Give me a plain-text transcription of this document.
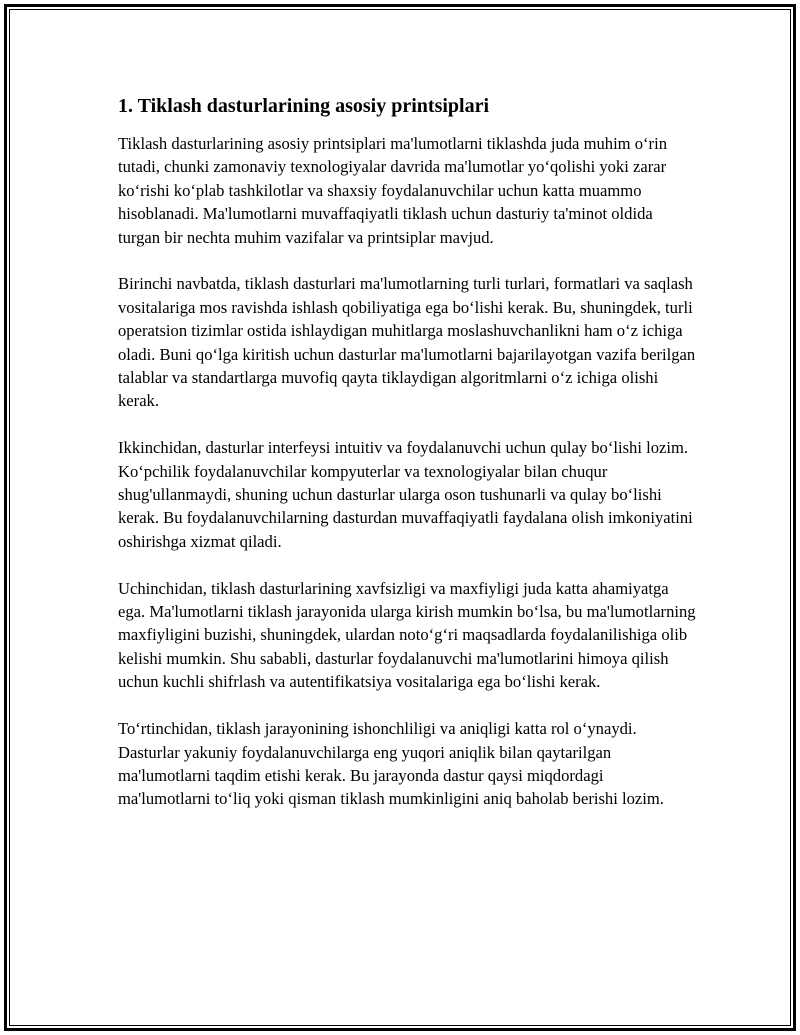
1. Tiklash dasturlarining asosiy printsiplari

Tiklash dasturlarining asosiy printsiplari ma'lumotlarni tiklashda juda muhim o‘rin tutadi, chunki zamonaviy texnologiyalar davrida ma'lumotlar yo‘qolishi yoki zarar ko‘rishi ko‘plab tashkilotlar va shaxsiy foydalanuvchilar uchun katta muammo hisoblanadi. Ma'lumotlarni muvaffaqiyatli tiklash uchun dasturiy ta'minot oldida turgan bir nechta muhim vazifalar va printsiplar mavjud.

Birinchi navbatda, tiklash dasturlari ma'lumotlarning turli turlari, formatlari va saqlash vositalariga mos ravishda ishlash qobiliyatiga ega bo‘lishi kerak. Bu, shuningdek, turli operatsion tizimlar ostida ishlaydigan muhitlarga moslashuvchanlikni ham o‘z ichiga oladi. Buni qo‘lga kiritish uchun dasturlar ma'lumotlarni bajarilayotgan vazifa berilgan talablar va standartlarga muvofiq qayta tiklaydigan algoritmlarni o‘z ichiga olishi kerak.

Ikkinchidan, dasturlar interfeysi intuitiv va foydalanuvchi uchun qulay bo‘lishi lozim. Ko‘pchilik foydalanuvchilar kompyuterlar va texnologiyalar bilan chuqur shug'ullanmaydi, shuning uchun dasturlar ularga oson tushunarli va qulay bo‘lishi kerak. Bu foydalanuvchilarning dasturdan muvaffaqiyatli faydalana olish imkoniyatini oshirishga xizmat qiladi.

Uchinchidan, tiklash dasturlarining xavfsizligi va maxfiyligi juda katta ahamiyatga ega. Ma'lumotlarni tiklash jarayonida ularga kirish mumkin bo‘lsa, bu ma'lumotlarning maxfiyligini buzishi, shuningdek, ulardan noto‘g‘ri maqsadlarda foydalanilishiga olib kelishi mumkin. Shu sababli, dasturlar foydalanuvchi ma'lumotlarini himoya qilish uchun kuchli shifrlash va autentifikatsiya vositalariga ega bo‘lishi kerak.

To‘rtinchidan, tiklash jarayonining ishonchliligi va aniqligi katta rol o‘ynaydi. Dasturlar yakuniy foydalanuvchilarga eng yuqori aniqlik bilan qaytarilgan ma'lumotlarni taqdim etishi kerak. Bu jarayonda dastur qaysi miqdordagi ma'lumotlarni to‘liq yoki qisman tiklash mumkinligini aniq baholab berishi lozim.
